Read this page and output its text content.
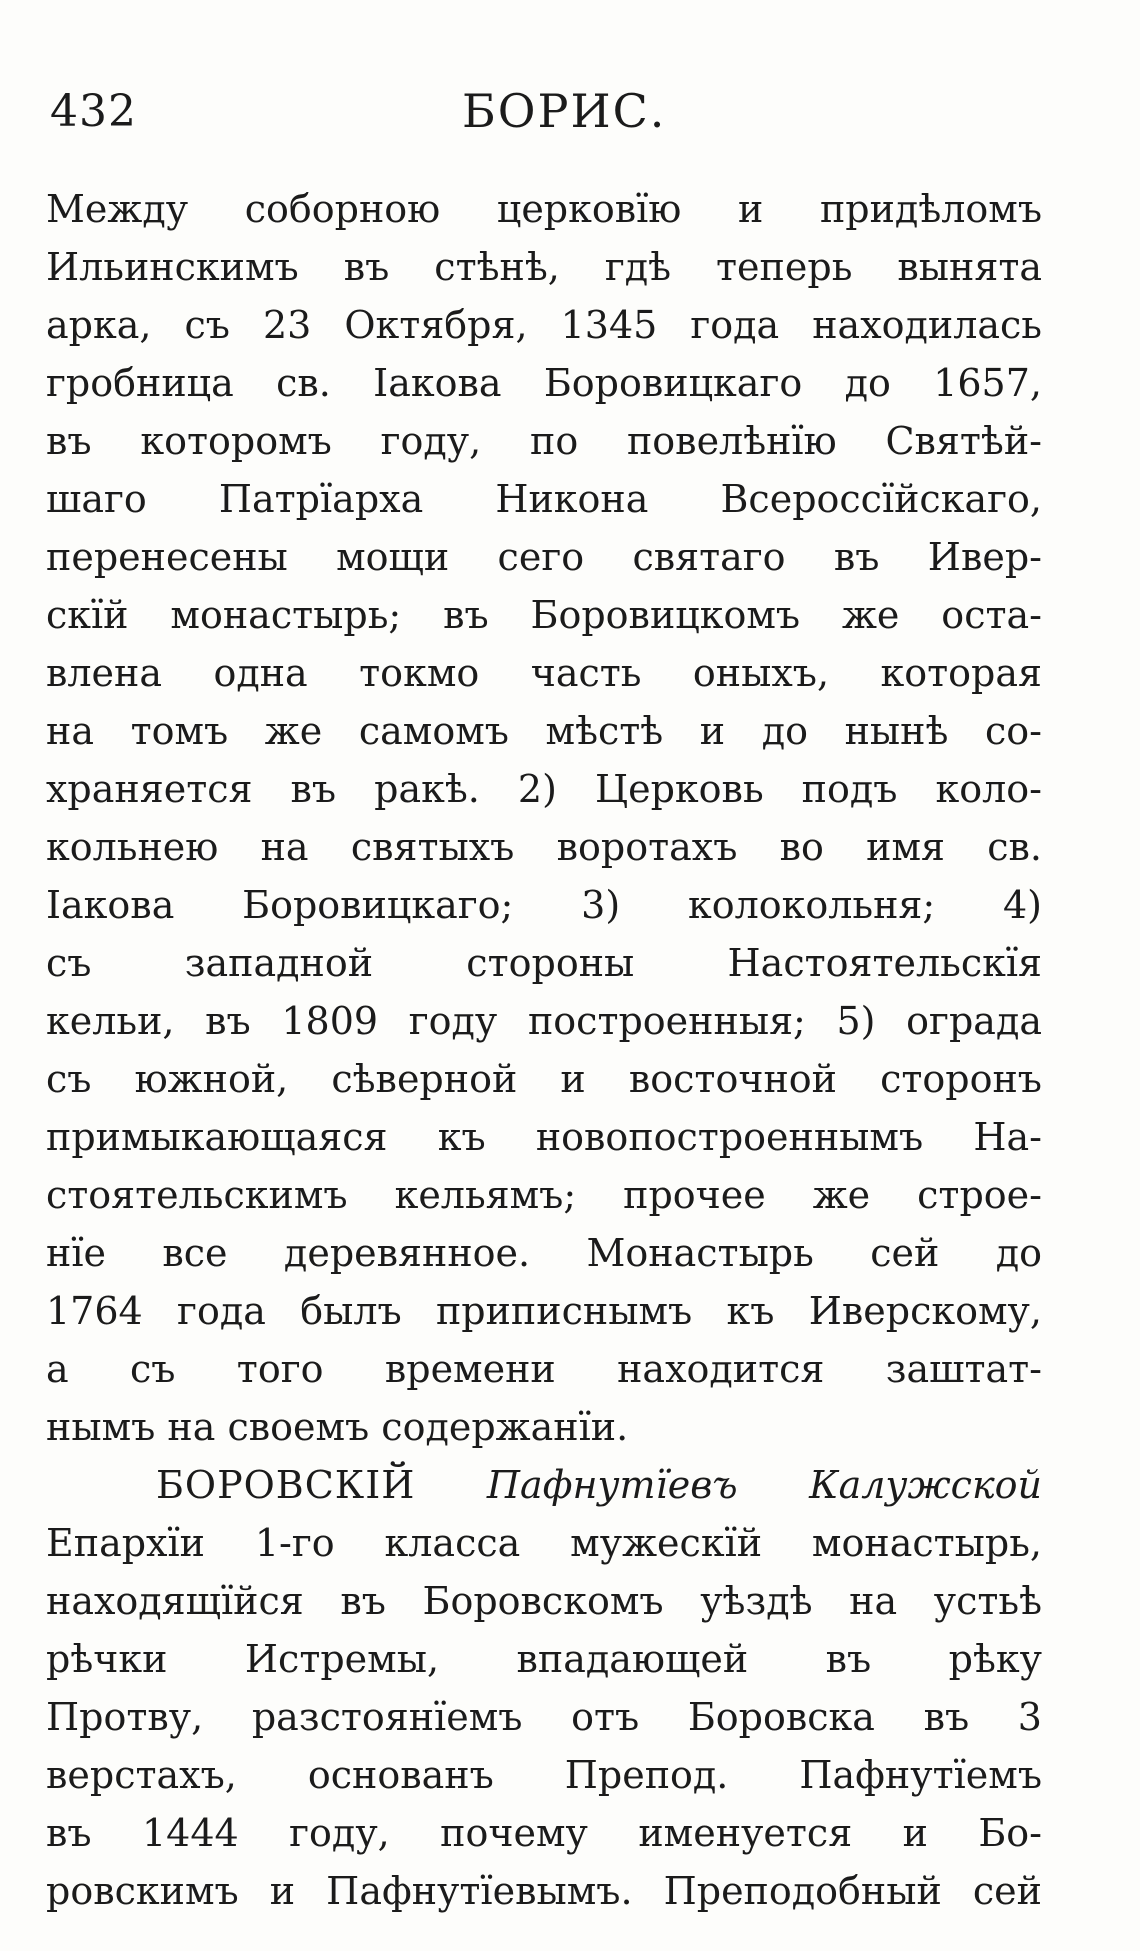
432	БОРИС.
Между соборною церковїю и придѣломъ
Ильинскимъ въ стѣнѣ, гдѣ теперь вынята
арка, съ 23 Октября, 1345 года находилась
гробница св. Іакова Боровицкаго до 1657,
въ которомъ году, по повелѣнїю Святѣй-
шаго Патрїарха Никона Всероссїйскаго,
перенесены мощи сего святаго въ Ивер-
скїй монастырь; въ Боровицкомъ же оста-
влена одна токмо часть оныхъ, которая
на томъ же самомъ мѣстѣ и до нынѣ со-
храняется въ ракѣ. 2) Церковь подъ коло-
кольнею на святыхъ воротахъ во имя св.
Іакова Боровицкаго; 3) колокольня; 4)
съ западной стороны Настоятельскїя
кельи, въ 1809 году построенныя; 5) ограда
съ южной, сѣверной и восточной сторонъ
примыкающаяся къ новопостроеннымъ На-
стоятельскимъ кельямъ; прочее же строе-
нїе все деревянное. Монастырь сей до
1764 года былъ приписнымъ къ Иверскому,
а съ того времени находится заштат-
нымъ на своемъ содержанїи.
БОРОВСКІЙ Пафнутїевъ Калужской
Епархїи 1-го класса мужескїй монастырь,
находящїйся въ Боровскомъ уѣздѣ на устьѣ
рѣчки Истремы, впадающей въ рѣку
Протву, разстоянїемъ отъ Боровска въ 3
верстахъ, основанъ Препод. Пафнутїемъ
въ 1444 году, почему именуется и Бо-
ровскимъ и Пафнутїевымъ. Преподобный сей
